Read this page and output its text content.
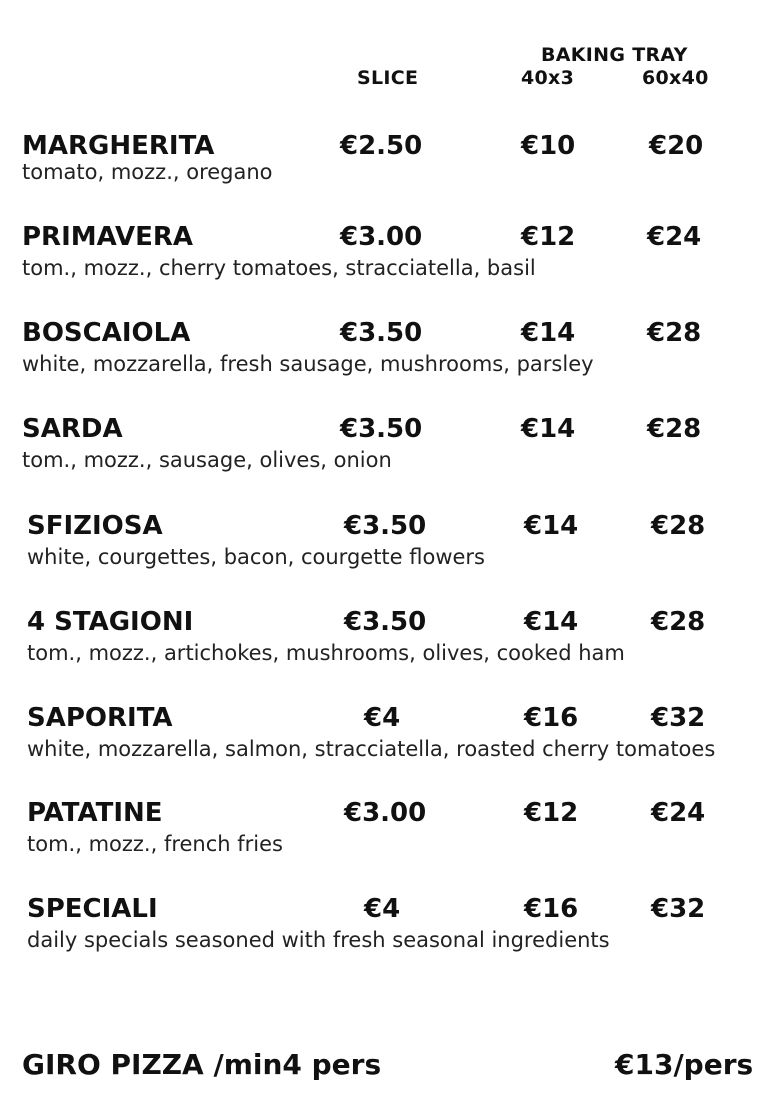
BAKING TRAY
SLICE	40x3	60x40
MARGHERITA	€2.50	€10	€20
tomato, mozz., oregano
PRIMAVERA	€3.00	€12	€24
tom., mozz., cherry tomatoes, stracciatella, basil
BOSCAIOLA	€3.50	€14	€28
white, mozzarella, fresh sausage, mushrooms, parsley
SARDA	€3.50	€14	€28
tom., mozz., sausage, olives, onion
SFIZIOSA	€3.50	€14	€28
white, courgettes, bacon, courgette flowers
4 STAGIONI	€3.50	€14	€28
tom., mozz., artichokes, mushrooms, olives, cooked ham
SAPORITA	€4	€16	€32
white, mozzarella, salmon, stracciatella, roasted cherry tomatoes
PATATINE	€3.00	€12	€24
tom., mozz., french fries
SPECIALI	€4	€16	€32
daily specials seasoned with fresh seasonal ingredients
GIRO PIZZA /min4 pers	€13/pers
